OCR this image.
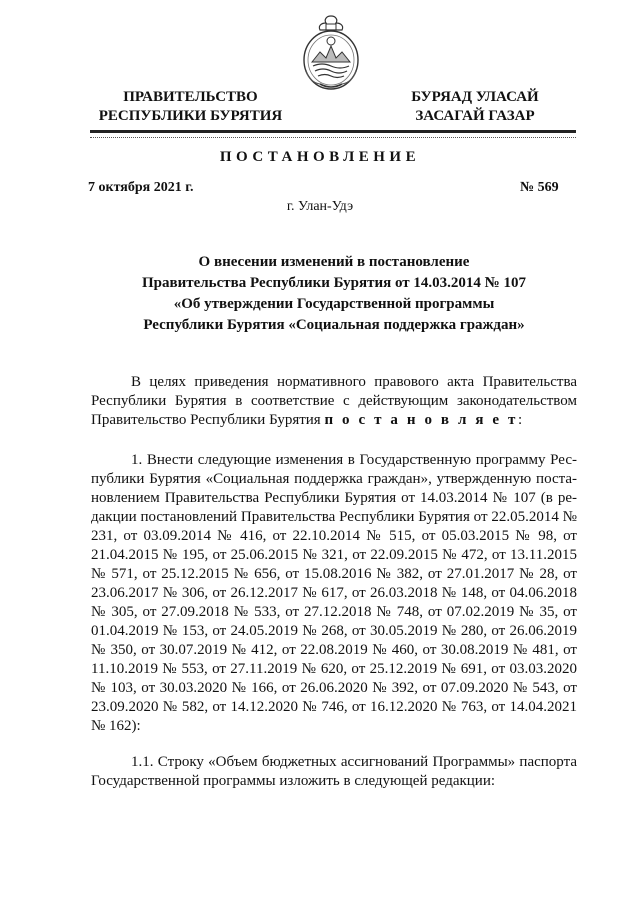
ПРАВИТЕЛЬСТВО
РЕСПУБЛИКИ БУРЯТИЯ
БУРЯАД УЛАСАЙ
ЗАСАГАЙ ГАЗАР
ПОСТАНОВЛЕНИЕ
7 октября 2021 г.	№ 569
г. Улан-Удэ
О внесении изменений в постановление
Правительства Республики Бурятия от 14.03.2014 № 107
«Об утверждении Государственной программы
Республики Бурятия «Социальная поддержка граждан»

В целях приведения нормативного правового акта Правительства Республики Бурятия в соответствие с действующим законодательством Правительство Республики Бурятия п о с т а н о в л я е т:

1. Внести следующие изменения в Государственную программу Республики Бурятия «Социальная поддержка граждан», утвержденную постановлением Правительства Республики Бурятия от 14.03.2014 № 107 (в редакции постановлений Правительства Республики Бурятия от 22.05.2014 № 231, от 03.09.2014 № 416, от 22.10.2014 № 515, от 05.03.2015 № 98, от 21.04.2015 № 195, от 25.06.2015 № 321, от 22.09.2015 № 472, от 13.11.2015 № 571, от 25.12.2015 № 656, от 15.08.2016 № 382, от 27.01.2017 № 28, от 23.06.2017 № 306, от 26.12.2017 № 617, от 26.03.2018 № 148, от 04.06.2018 № 305, от 27.09.2018 № 533, от 27.12.2018 № 748, от 07.02.2019 № 35, от 01.04.2019 № 153, от 24.05.2019 № 268, от 30.05.2019 № 280, от 26.06.2019 № 350, от 30.07.2019 № 412, от 22.08.2019 № 460, от 30.08.2019 № 481, от 11.10.2019 № 553, от 27.11.2019 № 620, от 25.12.2019 № 691, от 03.03.2020 № 103, от 30.03.2020 № 166, от 26.06.2020 № 392, от 07.09.2020 № 543, от 23.09.2020 № 582, от 14.12.2020 № 746, от 16.12.2020 № 763, от 14.04.2021 № 162):

1.1. Строку «Объем бюджетных ассигнований Программы» паспорта Государственной программы изложить в следующей редакции:
